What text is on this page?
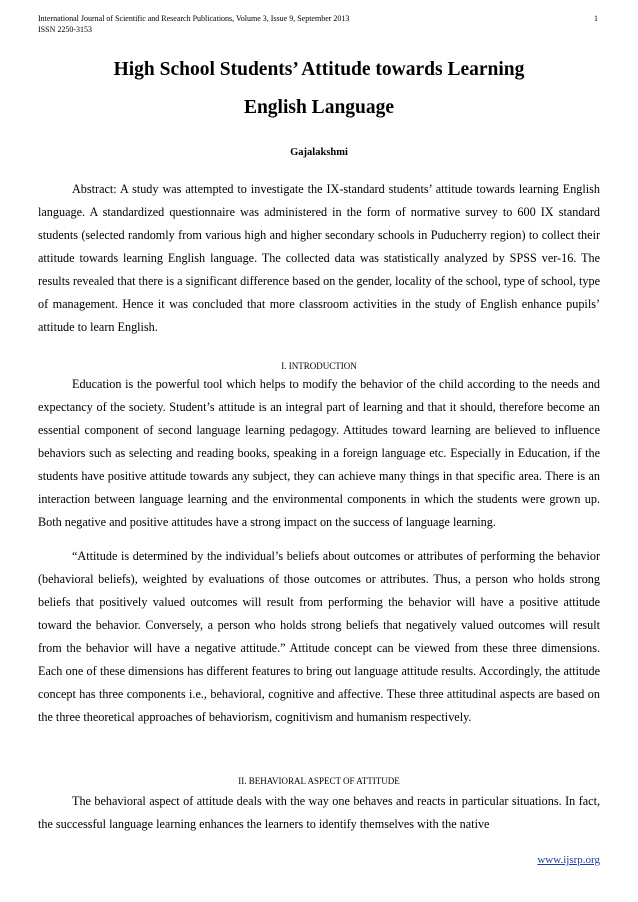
International Journal of Scientific and Research Publications, Volume 3, Issue 9, September 2013
ISSN 2250-3153
1
High School Students’ Attitude towards Learning
English Language
Gajalakshmi

Abstract: A study was attempted to investigate the IX-standard students’ attitude towards learning English language. A standardized questionnaire was administered in the form of normative survey to 600 IX standard students (selected randomly from various high and higher secondary schools in Puducherry region) to collect their attitude towards learning English language. The collected data was statistically analyzed by SPSS ver-16. The results revealed that there is a significant difference based on the gender, locality of the school, type of school, type of management. Hence it was concluded that more classroom activities in the study of English enhance pupils’ attitude to learn English.

I. INTRODUCTION

Education is the powerful tool which helps to modify the behavior of the child according to the needs and expectancy of the society. Student’s attitude is an integral part of learning and that it should, therefore become an essential component of second language learning pedagogy. Attitudes toward learning are believed to influence behaviors such as selecting and reading books, speaking in a foreign language etc. Especially in Education, if the students have positive attitude towards any subject, they can achieve many things in that specific area. There is an interaction between language learning and the environmental components in which the students were grown up. Both negative and positive attitudes have a strong impact on the success of language learning.

“Attitude is determined by the individual’s beliefs about outcomes or attributes of performing the behavior (behavioral beliefs), weighted by evaluations of those outcomes or attributes. Thus, a person who holds strong beliefs that positively valued outcomes will result from performing the behavior will have a positive attitude toward the behavior. Conversely, a person who holds strong beliefs that negatively valued outcomes will result from the behavior will have a negative attitude.” Attitude concept can be viewed from these three dimensions. Each one of these dimensions has different features to bring out language attitude results. Accordingly, the attitude concept has three components i.e., behavioral, cognitive and affective. These three attitudinal aspects are based on the three theoretical approaches of behaviorism, cognitivism and humanism respectively.

II. BEHAVIORAL ASPECT OF ATTITUDE

The behavioral aspect of attitude deals with the way one behaves and reacts in particular situations. In fact, the successful language learning enhances the learners to identify themselves with the native

www.ijsrp.org
